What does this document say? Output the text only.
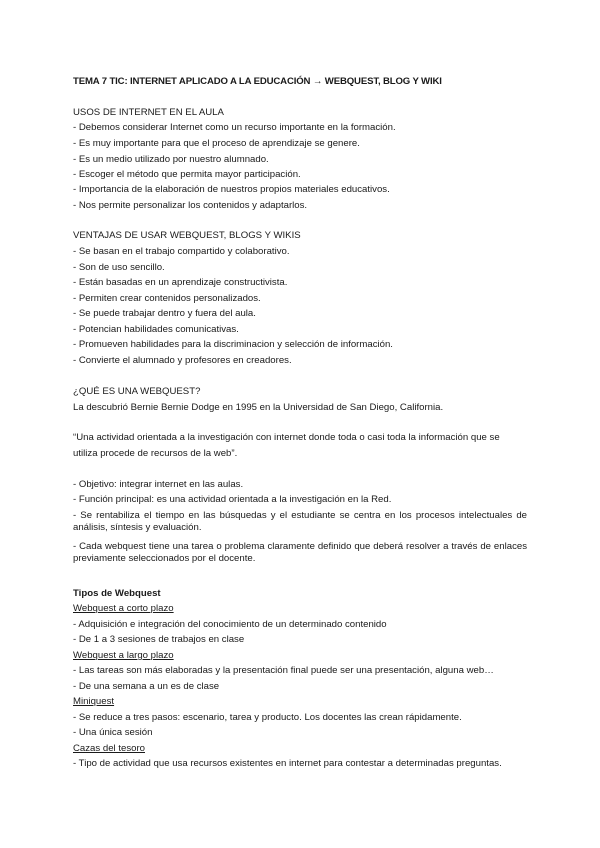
TEMA 7 TIC: INTERNET APLICADO A LA EDUCACIÓN → WEBQUEST, BLOG Y WIKI
USOS DE INTERNET EN EL AULA
- Debemos considerar Internet como un recurso importante en la formación.
- Es muy importante para que el proceso de aprendizaje se genere.
- Es un medio utilizado por nuestro alumnado.
- Escoger el método que permita mayor participación.
- Importancia de la elaboración de nuestros propios materiales educativos.
- Nos permite personalizar los contenidos y adaptarlos.
VENTAJAS DE USAR WEBQUEST, BLOGS Y WIKIS
- Se basan en el trabajo compartido y colaborativo.
- Son de uso sencillo.
- Están basadas en un aprendizaje constructivista.
- Permiten crear contenidos personalizados.
- Se puede trabajar dentro y fuera del aula.
- Potencian habilidades comunicativas.
- Promueven habilidades para la discriminacion y selección de información.
- Convierte el alumnado y profesores en creadores.
¿QUÉ ES UNA WEBQUEST?
La descubrió Bernie Bernie Dodge en 1995 en la Universidad de San Diego, California.
“Una actividad orientada a la investigación con internet donde toda o casi toda la información que se
utiliza procede de recursos de la web”.
- Objetivo: integrar internet en las aulas.
- Función principal: es una actividad orientada a la investigación en la Red.
- Se rentabiliza el tiempo en las búsquedas y el estudiante se centra en los procesos intelectuales de análisis, síntesis y evaluación.
- Cada webquest tiene una tarea o problema claramente definido que deberá resolver a través de enlaces previamente seleccionados por el docente.
Tipos de Webquest
Webquest a corto plazo
- Adquisición e integración del conocimiento de un determinado contenido
- De 1 a 3 sesiones de trabajos en clase
Webquest a largo plazo
- Las tareas son más elaboradas y la presentación final puede ser una presentación, alguna web…
- De una semana a un es de clase
Miniquest
- Se reduce a tres pasos: escenario, tarea y producto. Los docentes las crean rápidamente.
- Una única sesión
Cazas del tesoro
- Tipo de actividad que usa recursos existentes en internet para contestar a determinadas preguntas.
